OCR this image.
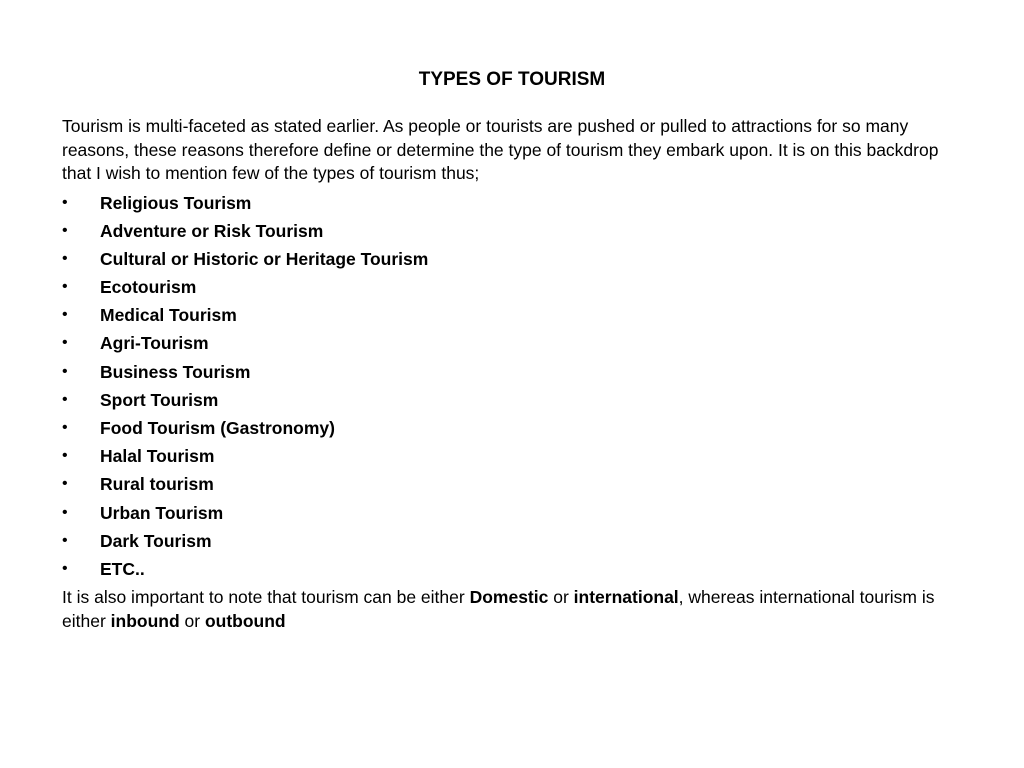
TYPES OF TOURISM

Tourism is multi-faceted as stated earlier. As people or tourists are pushed or pulled to attractions for so many reasons, these reasons therefore define or determine the type of tourism they embark upon. It is on this backdrop that I wish to mention few of the types of tourism thus;

• Religious Tourism
• Adventure or Risk Tourism
• Cultural or Historic or Heritage Tourism
• Ecotourism
• Medical Tourism
• Agri-Tourism
• Business Tourism
• Sport Tourism
• Food Tourism (Gastronomy)
• Halal Tourism
• Rural tourism
• Urban Tourism
• Dark Tourism
• ETC..

It is also important to note that tourism can be either Domestic or international, whereas international tourism is either inbound or outbound
